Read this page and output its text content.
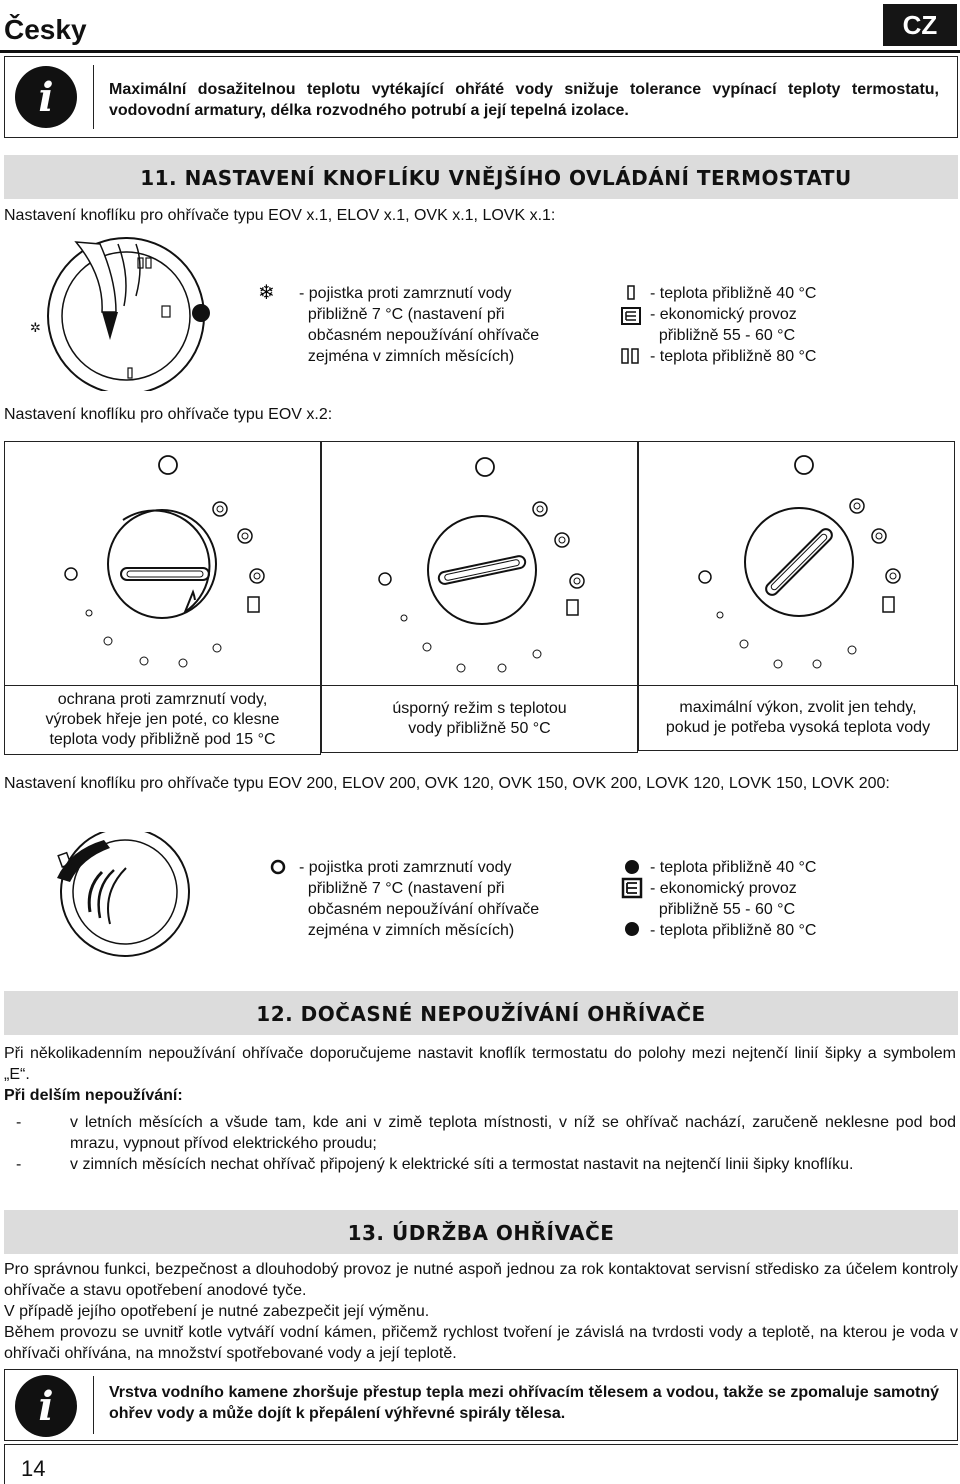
Česky	CZ
i	Maximální dosažitelnou teplotu vytékající ohřáté vody snižuje tolerance vypínací teploty termostatu, vodovodní armatury, délka rozvodného potrubí a její tepelná izolace.
11. NASTAVENÍ KNOFLÍKU VNĚJŠÍHO OVLÁDÁNÍ TERMOSTATU
Nastavení knoflíku pro ohřívače typu EOV x.1, ELOV x.1, OVK x.1, LOVK x.1:
✲
❄ - pojistka proti zamrznutí vody
přibližně 7 °C (nastavení při
občasném nepoužívání ohřívače
zejména v zimních měsících)
- teplota přibližně 40 °C
- ekonomický provoz
přibližně 55 - 60 °C
- teplota přibližně 80 °C
Nastavení knoflíku pro ohřívače typu EOV x.2:
ochrana proti zamrznutí vody,
výrobek hřeje jen poté, co klesne
teplota vody přibližně pod 15 °C
úsporný režim s teplotou
vody přibližně 50 °C
maximální výkon, zvolit jen tehdy,
pokud je potřeba vysoká teplota vody
Nastavení knoflíku pro ohřívače typu EOV 200, ELOV 200, OVK 120, OVK 150, OVK 200, LOVK 120, LOVK 150, LOVK 200:
- pojistka proti zamrznutí vody
přibližně 7 °C (nastavení při
občasném nepoužívání ohřívače
zejména v zimních měsících)
- teplota přibližně 40 °C
- ekonomický provoz
přibližně 55 - 60 °C
- teplota přibližně 80 °C
12. DOČASNÉ NEPOUŽÍVÁNÍ OHŘÍVAČE
Při několikadenním nepoužívání ohřívače doporučujeme nastavit knoflík termostatu do polohy mezi nejtenčí linií šipky a symbolem „E“.
Při delším nepoužívání:
-	v letních měsících a všude tam, kde ani v zimě teplota místnosti, v níž se ohřívač nachází, zaručeně neklesne pod bod mrazu, vypnout přívod elektrického proudu;
-	v zimních měsících nechat ohřívač připojený k elektrické síti a termostat nastavit na nejtenčí linii šipky knoflíku.
13. ÚDRŽBA OHŘÍVAČE
Pro správnou funkci, bezpečnost a dlouhodobý provoz je nutné aspoň jednou za rok kontaktovat servisní středisko za účelem kontroly ohřívače a stavu opotřebení anodové tyče.
V případě jejího opotřebení je nutné zabezpečit její výměnu.
Během provozu se uvnitř kotle vytváří vodní kámen, přičemž rychlost tvoření je závislá na tvrdosti vody a teplotě, na kterou je voda v ohřívači ohřívána, na množství spotřebované vody a její teplotě.
i	Vrstva vodního kamene zhoršuje přestup tepla mezi ohřívacím tělesem a vodou, takže se zpomaluje samotný ohřev vody a může dojít k přepálení výhřevné spirály tělesa.
14
